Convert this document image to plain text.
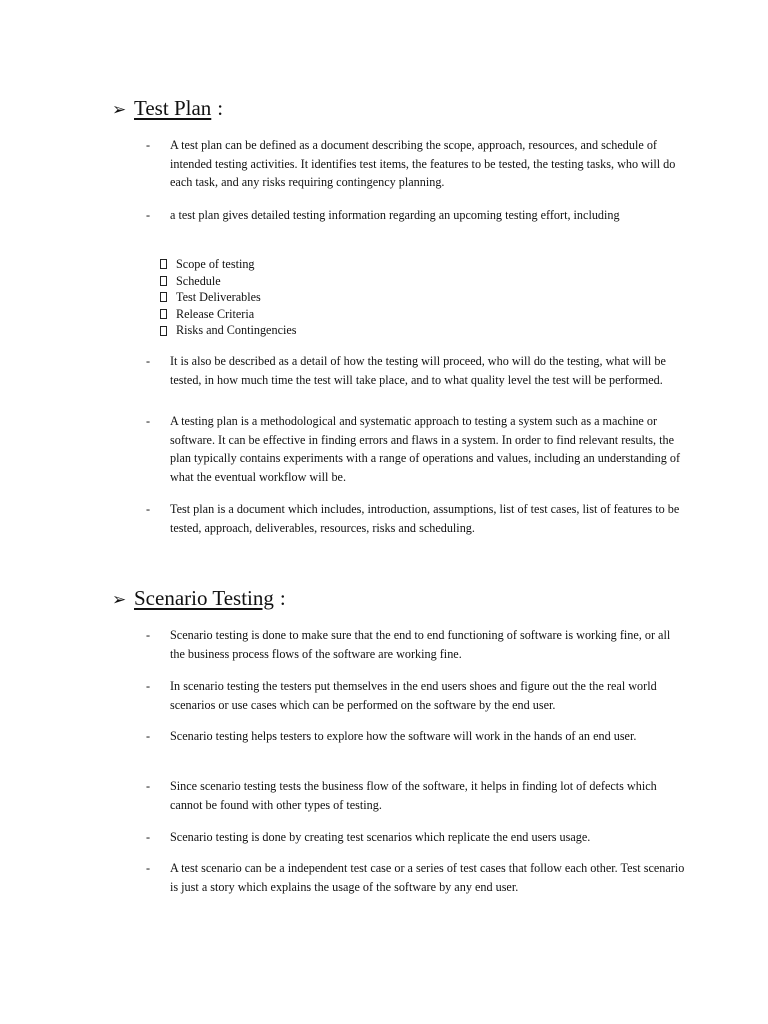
➢ Test Plan :
- A test plan can be defined as a document describing the scope, approach, resources, and schedule of intended testing activities. It identifies test items, the features to be tested, the testing tasks, who will do each task, and any risks requiring contingency planning.
- a test plan gives detailed testing information regarding an upcoming testing effort, including
Scope of testing
Schedule
Test Deliverables
Release Criteria
Risks and Contingencies
- It is also be described as a detail of how the testing will proceed, who will do the testing, what will be tested, in how much time the test will take place, and to what quality level the test will be performed.
- A testing plan is a methodological and systematic approach to testing a system such as a machine or software. It can be effective in finding errors and flaws in a system. In order to find relevant results, the plan typically contains experiments with a range of operations and values, including an understanding of what the eventual workflow will be.
- Test plan is a document which includes, introduction, assumptions, list of test cases, list of features to be tested, approach, deliverables, resources, risks and scheduling.
➢ Scenario Testing :
- Scenario testing is done to make sure that the end to end functioning of software is working fine, or all the business process flows of the software are working fine.
- In scenario testing the testers put themselves in the end users shoes and figure out the the real world scenarios or use cases which can be performed on the software by the end user.
- Scenario testing helps testers to explore how the software will work in the hands of an end user.
- Since scenario testing tests the business flow of the software, it helps in finding lot of defects which cannot be found with other types of testing.
- Scenario testing is done by creating test scenarios which replicate the end users usage.
- A test scenario can be a independent test case or a series of test cases that follow each other. Test scenario is just a story which explains the usage of the software by any end user.
